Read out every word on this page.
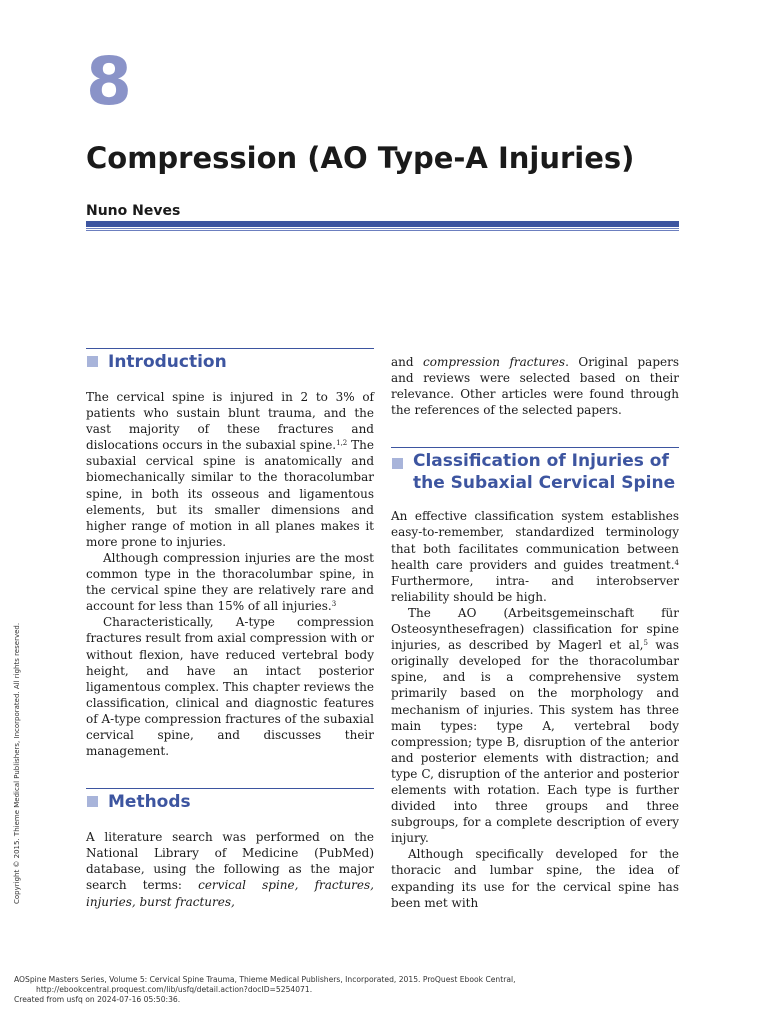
8
Compression (AO Type-A Injuries)
Nuno Neves
Introduction

The cervical spine is injured in 2 to 3% of patients who sustain blunt trauma, and the vast majority of these fractures and dislocations occurs in the subaxial spine.$^{1,2}$ The subaxial cervical spine is anatomically and biomechanically similar to the thoracolumbar spine, in both its osseous and ligamentous elements, but its smaller dimensions and higher range of motion in all planes makes it more prone to injuries.

Although compression injuries are the most common type in the thoracolumbar spine, in the cervical spine they are relatively rare and account for less than 15% of all injuries.$^3$

Characteristically, A-type compression fractures result from axial compression with or without flexion, have reduced vertebral body height, and have an intact posterior ligamentous complex. This chapter reviews the classification, clinical and diagnostic features of A-type compression fractures of the subaxial cervical spine, and discusses their management.

Methods

A literature search was performed on the National Library of Medicine (PubMed) database, using the following as the major search terms: cervical spine, fractures, injuries, burst fractures,

and compression fractures. Original papers and reviews were selected based on their relevance. Other articles were found through the references of the selected papers.

Classification of Injuries of
the Subaxial Cervical Spine

An effective classification system establishes easy-to-remember, standardized terminology that both facilitates communication between health care providers and guides treatment.$^4$ Furthermore, intra- and interobserver reliability should be high.

The AO (Arbeitsgemeinschaft für Osteosynthesefragen) classification for spine injuries, as described by Magerl et al,$^5$ was originally developed for the thoracolumbar spine, and is a comprehensive system primarily based on the morphology and mechanism of injuries. This system has three main types: type A, vertebral body compression; type B, disruption of the anterior and posterior elements with distraction; and type C, disruption of the anterior and posterior elements with rotation. Each type is further divided into three groups and three subgroups, for a complete description of every injury.

Although specifically developed for the thoracic and lumbar spine, the idea of expanding its use for the cervical spine has been met with

Copyright © 2015. Thieme Medical Publishers, Incorporated. All rights reserved.
AOSpine Masters Series, Volume 5: Cervical Spine Trauma, Thieme Medical Publishers, Incorporated, 2015. ProQuest Ebook Central,
http://ebookcentral.proquest.com/lib/usfq/detail.action?docID=5254071.
Created from usfq on 2024-07-16 05:50:36.
